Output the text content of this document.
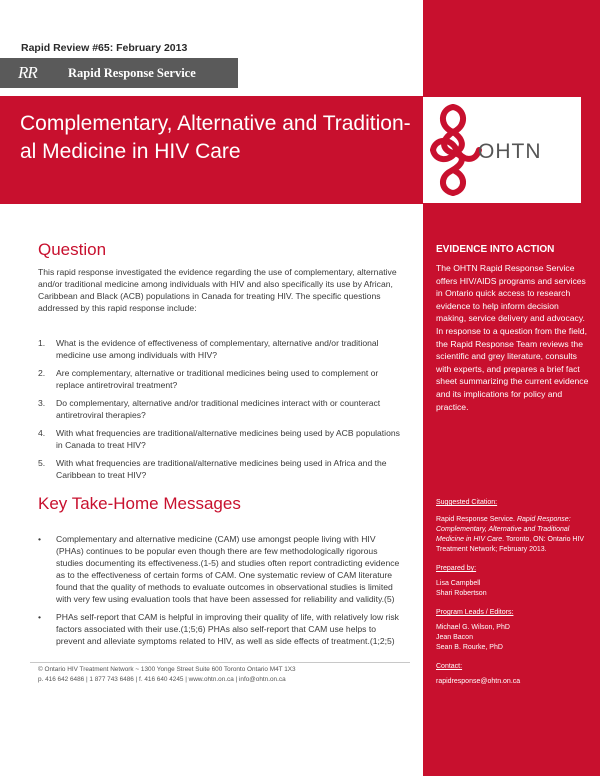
OHTN
EVIDENCE INTO ACTION
The OHTN Rapid Response Service offers HIV/AIDS programs and services in Ontario quick access to research evidence to help inform decision making, service delivery and advocacy. In response to a question from the field, the Rapid Response Team reviews the scientific and grey literature, consults with experts, and prepares a brief fact sheet summarizing the current evidence and its implications for policy and practice.
Suggested Citation:

Rapid Response Service. Rapid Response: Complementary, Alternative and Traditional Medicine in HIV Care. Toronto, ON: Ontario HIV Treatment Network; February 2013.

Prepared by:
Lisa Campbell
Shari Robertson
Program Leads / Editors:
Michael G. Wilson, PhD
Jean Bacon
Sean B. Rourke, PhD
Contact:
rapidresponse@ohtn.on.ca
Rapid Review #65: February 2013
RR Rapid Response Service
Complementary, Alternative and Tradition-al Medicine in HIV Care
Question
This rapid response investigated the evidence regarding the use of complementary, alternative and/or traditional medicine among individuals with HIV and also specifically its use by African, Caribbean and Black (ACB) populations in Canada for treating HIV. The specific questions addressed by this rapid response include:
1. What is the evidence of effectiveness of complementary, alternative and/or traditional medicine use among individuals with HIV?
2. Are complementary, alternative or traditional medicines being used to complement or replace antiretroviral treatment?
3. Do complementary, alternative and/or traditional medicines interact with or counteract antiretroviral therapies?
4. With what frequencies are traditional/alternative medicines being used by ACB populations in Canada to treat HIV?
5. With what frequencies are traditional/alternative medicines being used in Africa and the Caribbean to treat HIV?
Key Take-Home Messages
• Complementary and alternative medicine (CAM) use amongst people living with HIV (PHAs) continues to be popular even though there are few methodologically rigorous studies documenting its effectiveness.(1-5) and studies often report contradicting evidence as to the effectiveness of certain forms of CAM. One systematic review of CAM literature found that the quality of methods to evaluate outcomes in observational studies is limited with very few using evaluation tools that have been assessed for reliability and validity.(5)
• PHAs self-report that CAM is helpful in improving their quality of life, with relatively low risk factors associated with their use.(1;5;6) PHAs also self-report that CAM use helps to prevent and alleviate symptoms related to HIV, as well as side effects of treatment.(1;2;5)
© Ontario HIV Treatment Network ~ 1300 Yonge Street Suite 600 Toronto Ontario M4T 1X3
p. 416 642 6486 | 1 877 743 6486 | f. 416 640 4245 | www.ohtn.on.ca | info@ohtn.on.ca
